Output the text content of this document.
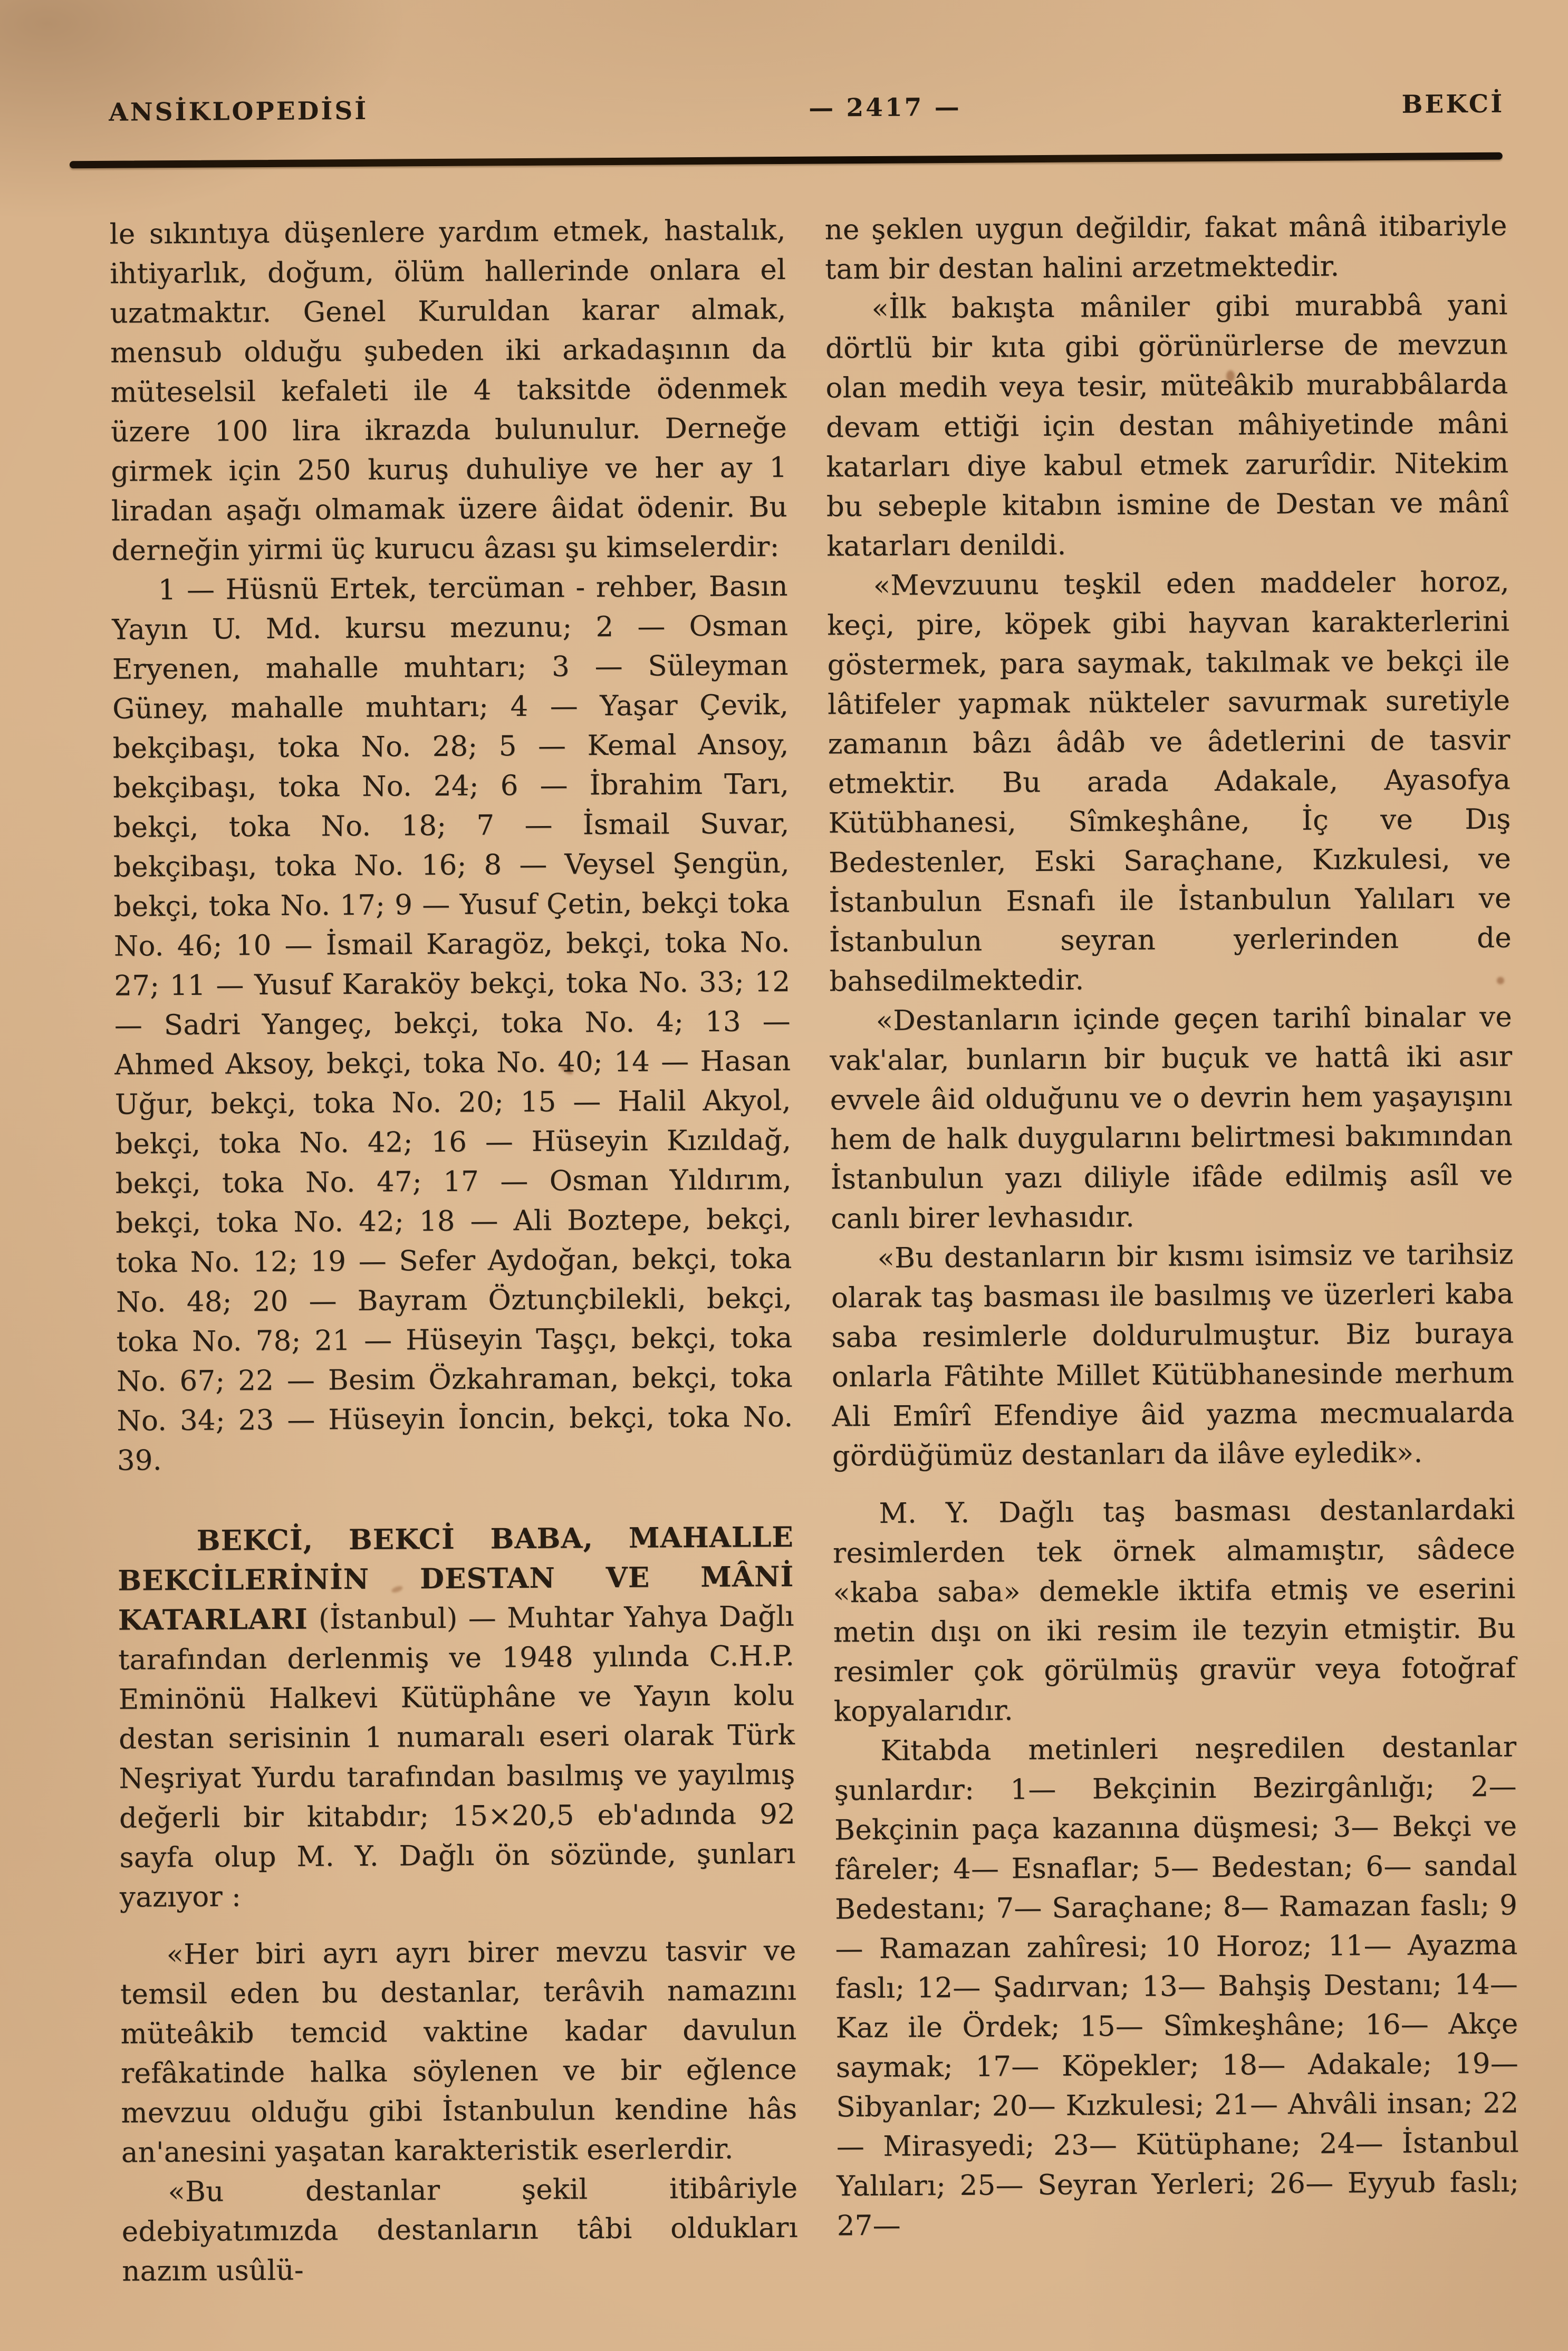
ANSİKLOPEDİSİ	— 2417 —	BEKCİ

le sıkıntıya düşenlere yardım etmek, hastalık, ihtiyarlık, doğum, ölüm hallerinde onlara el uzatmaktır. Genel Kuruldan karar almak, mensub olduğu şubeden iki arkadaşının da müteselsil kefaleti ile 4 taksitde ödenmek üzere 100 lira ikrazda bulunulur. Derneğe girmek için 250 kuruş duhuliye ve her ay 1 liradan aşağı olmamak üzere âidat ödenir. Bu derneğin yirmi üç kurucu âzası şu kimselerdir:

1 — Hüsnü Ertek, tercüman - rehber, Basın Yayın U. Md. kursu mezunu; 2 — Osman Eryenen, mahalle muhtarı; 3 — Süleyman Güney, mahalle muhtarı; 4 — Yaşar Çevik, bekçibaşı, toka No. 28; 5 — Kemal Ansoy, bekçibaşı, toka No. 24; 6 — İbrahim Tarı, bekçi, toka No. 18; 7 — İsmail Suvar, bekçibaşı, toka No. 16; 8 — Veysel Şengün, bekçi, toka No. 17; 9 — Yusuf Çetin, bekçi toka No. 46; 10 — İsmail Karagöz, bekçi, toka No. 27; 11 — Yusuf Karaköy bekçi, toka No. 33; 12 — Sadri Yangeç, bekçi, toka No. 4; 13 — Ahmed Aksoy, bekçi, toka No. 40; 14 — Hasan Uğur, bekçi, toka No. 20; 15 — Halil Akyol, bekçi, toka No. 42; 16 — Hüseyin Kızıldağ, bekçi, toka No. 47; 17 — Osman Yıldırım, bekçi, toka No. 42; 18 — Ali Boztepe, bekçi, toka No. 12; 19 — Sefer Aydoğan, bekçi, toka No. 48; 20 — Bayram Öztunçbilekli, bekçi, toka No. 78; 21 — Hüseyin Taşçı, bekçi, toka No. 67; 22 — Besim Özkahraman, bekçi, toka No. 34; 23 — Hüseyin İoncin, bekçi, toka No. 39.

BEKCİ, BEKCİ BABA, MAHALLE BEKCİLERİNİN DESTAN VE MÂNİ KATARLARI (İstanbul) — Muhtar Yahya Dağlı tarafından derlenmiş ve 1948 yılında C.H.P. Eminönü Halkevi Kütüphâne ve Yayın kolu destan serisinin 1 numaralı eseri olarak Türk Neşriyat Yurdu tarafından basılmış ve yayılmış değerli bir kitabdır; 15×20,5 eb'adında 92 sayfa olup M. Y. Dağlı ön sözünde, şunları yazıyor :

«Her biri ayrı ayrı birer mevzu tasvir ve temsil eden bu destanlar, terâvih namazını müteâkib temcid vaktine kadar davulun refâkatinde halka söylenen ve bir eğlence mevzuu olduğu gibi İstanbulun kendine hâs an'anesini yaşatan karakteristik eserlerdir.

«Bu destanlar şekil itibâriyle edebiyatımızda destanların tâbi oldukları nazım usûlü-

ne şeklen uygun değildir, fakat mânâ itibariyle tam bir destan halini arzetmektedir.

«İlk bakışta mâniler gibi murabbâ yani dörtlü bir kıta gibi görünürlerse de mevzun olan medih veya tesir, müteâkib murabbâlarda devam ettiği için destan mâhiyetinde mâni katarları diye kabul etmek zarurîdir. Nitekim bu sebeple kitabın ismine de Destan ve mânî katarları denildi.

«Mevzuunu teşkil eden maddeler horoz, keçi, pire, köpek gibi hayvan karakterlerini göstermek, para saymak, takılmak ve bekçi ile lâtifeler yapmak nükteler savurmak suretiyle zamanın bâzı âdâb ve âdetlerini de tasvir etmektir. Bu arada Adakale, Ayasofya Kütübhanesi, Sîmkeşhâne, İç ve Dış Bedestenler, Eski Saraçhane, Kızkulesi, ve İstanbulun Esnafı ile İstanbulun Yalıları ve İstanbulun seyran yerlerinden de bahsedilmektedir.

«Destanların içinde geçen tarihî binalar ve vak'alar, bunların bir buçuk ve hattâ iki asır evvele âid olduğunu ve o devrin hem yaşayışını hem de halk duygularını belirtmesi bakımından İstanbulun yazı diliyle ifâde edilmiş asîl ve canlı birer levhasıdır.

«Bu destanların bir kısmı isimsiz ve tarihsiz olarak taş basması ile basılmış ve üzerleri kaba saba resimlerle doldurulmuştur. Biz buraya onlarla Fâtihte Millet Kütübhanesinde merhum Ali Emîrî Efendiye âid yazma mecmualarda gördüğümüz destanları da ilâve eyledik».

M. Y. Dağlı taş basması destanlardaki resimlerden tek örnek almamıştır, sâdece «kaba saba» demekle iktifa etmiş ve eserini metin dışı on iki resim ile tezyin etmiştir. Bu resimler çok görülmüş gravür veya fotoğraf kopyalarıdır.

Kitabda metinleri neşredilen destanlar şunlardır: 1— Bekçinin Bezirgânlığı; 2— Bekçinin paça kazanına düşmesi; 3— Bekçi ve fâreler; 4— Esnaflar; 5— Bedestan; 6— sandal Bedestanı; 7— Saraçhane; 8— Ramazan faslı; 9— Ramazan zahîresi; 10 Horoz; 11— Ayazma faslı; 12— Şadırvan; 13— Bahşiş Destanı; 14— Kaz ile Ördek; 15— Sîmkeşhâne; 16— Akçe saymak; 17— Köpekler; 18— Adakale; 19— Sibyanlar; 20— Kızkulesi; 21— Ahvâli insan; 22— Mirasyedi; 23— Kütüphane; 24— İstanbul Yalıları; 25— Seyran Yerleri; 26— Eyyub faslı; 27—
